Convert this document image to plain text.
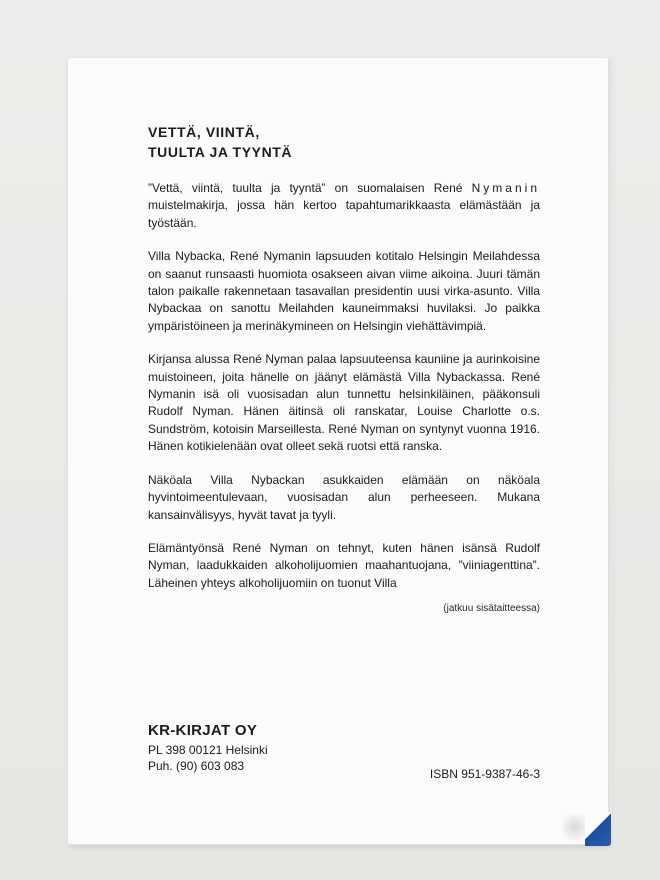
VETTÄ, VIINTÄ,
TUULTA JA TYYNTÄ

”Vettä, viintä, tuulta ja tyyntä” on suomalaisen René Nymanin muistelmakirja, jossa hän kertoo tapahtumarikkaasta elämästään ja työstään.

Villa Nybacka, René Nymanin lapsuuden kotitalo Helsingin Meilahdessa on saanut runsaasti huomiota osakseen aivan viime aikoina. Juuri tämän talon paikalle rakennetaan tasavallan presidentin uusi virka-asunto. Villa Nybackaa on sanottu Meilahden kauneimmaksi huvilaksi. Jo paikka ympäristöineen ja merinäkymineen on Helsingin viehättävimpiä.

Kirjansa alussa René Nyman palaa lapsuuteensa kauniine ja aurinkoisine muistoineen, joita hänelle on jäänyt elämästä Villa Nybackassa. René Nymanin isä oli vuosisadan alun tunnettu helsinkiläinen, pääkonsuli Rudolf Nyman. Hänen äitinsä oli ranskatar, Louise Charlotte o.s. Sundström, kotoisin Marseillesta. René Nyman on syntynyt vuonna 1916. Hänen kotikielenään ovat olleet sekä ruotsi että ranska.

Näköala Villa Nybackan asukkaiden elämään on näköala hyvintoimeentulevaan, vuosisadan alun perheeseen. Mukana kansainvälisyys, hyvät tavat ja tyyli.

Elämäntyönsä René Nyman on tehnyt, kuten hänen isänsä Rudolf Nyman, laadukkaiden alkoholijuomien maahantuojana, ”viiniagenttina”. Läheinen yhteys alkoholijuomiin on tuonut Villa

(jatkuu sisätaitteessa)
KR-KIRJAT OY
PL 398 00121 Helsinki
Puh. (90) 603 083
ISBN 951-9387-46-3
